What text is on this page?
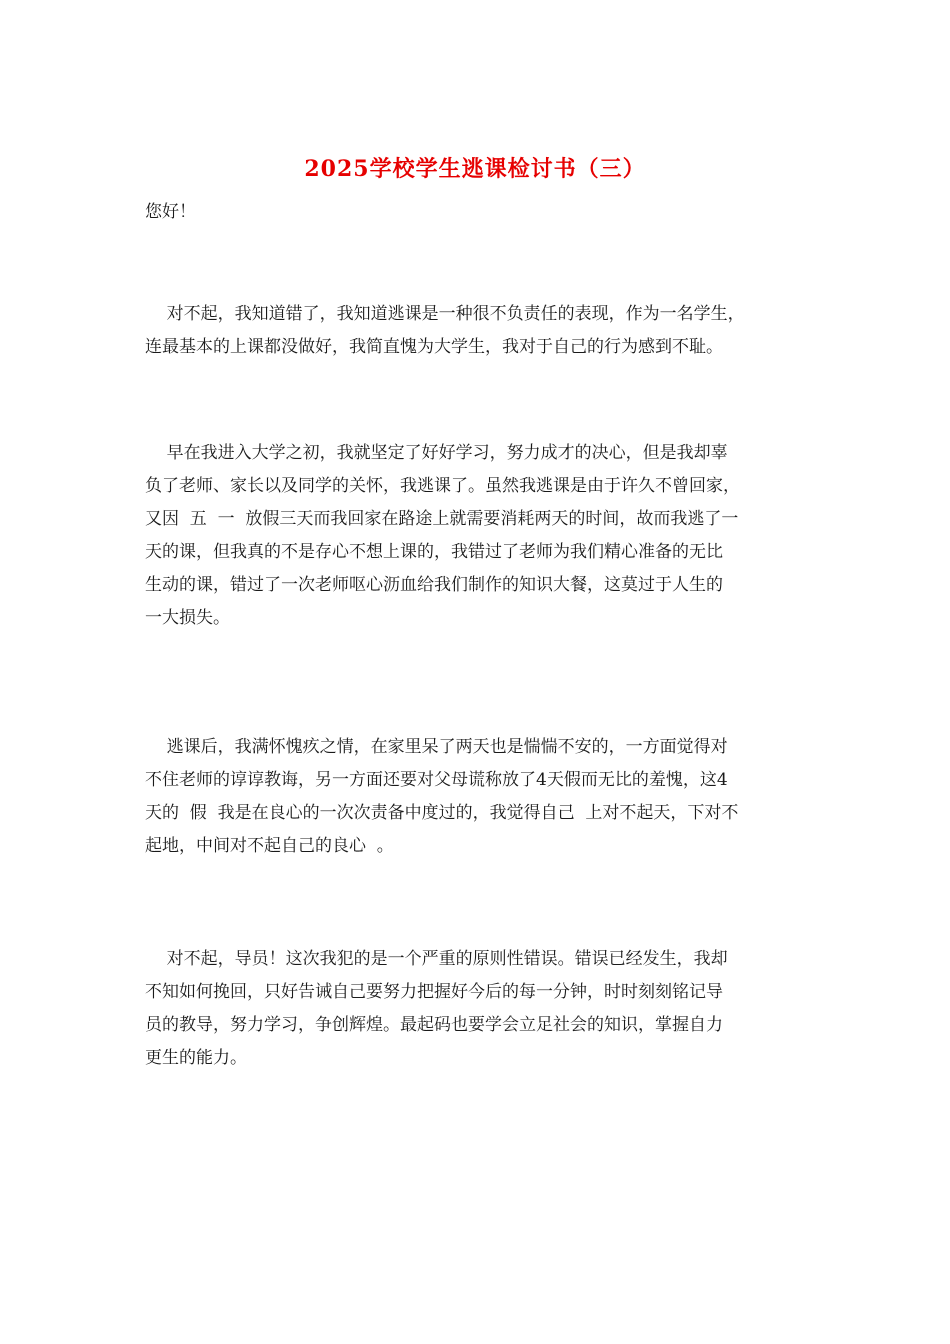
2025学校学生逃课检讨书（三）
您好！
对不起，我知道错了，我知道逃课是一种很不负责任的表现，作为一名学生，
连最基本的上课都没做好，我简直愧为大学生，我对于自己的行为感到不耻。
早在我进入大学之初，我就坚定了好好学习，努力成才的决心，但是我却辜
负了老师、家长以及同学的关怀，我逃课了。虽然我逃课是由于许久不曾回家，
又因  五  一  放假三天而我回家在路途上就需要消耗两天的时间，故而我逃了一
天的课，但我真的不是存心不想上课的，我错过了老师为我们精心准备的无比
生动的课，错过了一次老师呕心沥血给我们制作的知识大餐，这莫过于人生的
一大损失。
逃课后，我满怀愧疚之情，在家里呆了两天也是惴惴不安的，一方面觉得对
不住老师的谆谆教诲，另一方面还要对父母谎称放了4天假而无比的羞愧，这4
天的  假  我是在良心的一次次责备中度过的，我觉得自己  上对不起天，下对不
起地，中间对不起自己的良心  。
对不起，导员！这次我犯的是一个严重的原则性错误。错误已经发生，我却
不知如何挽回，只好告诫自己要努力把握好今后的每一分钟，时时刻刻铭记导
员的教导，努力学习，争创辉煌。最起码也要学会立足社会的知识，掌握自力
更生的能力。
